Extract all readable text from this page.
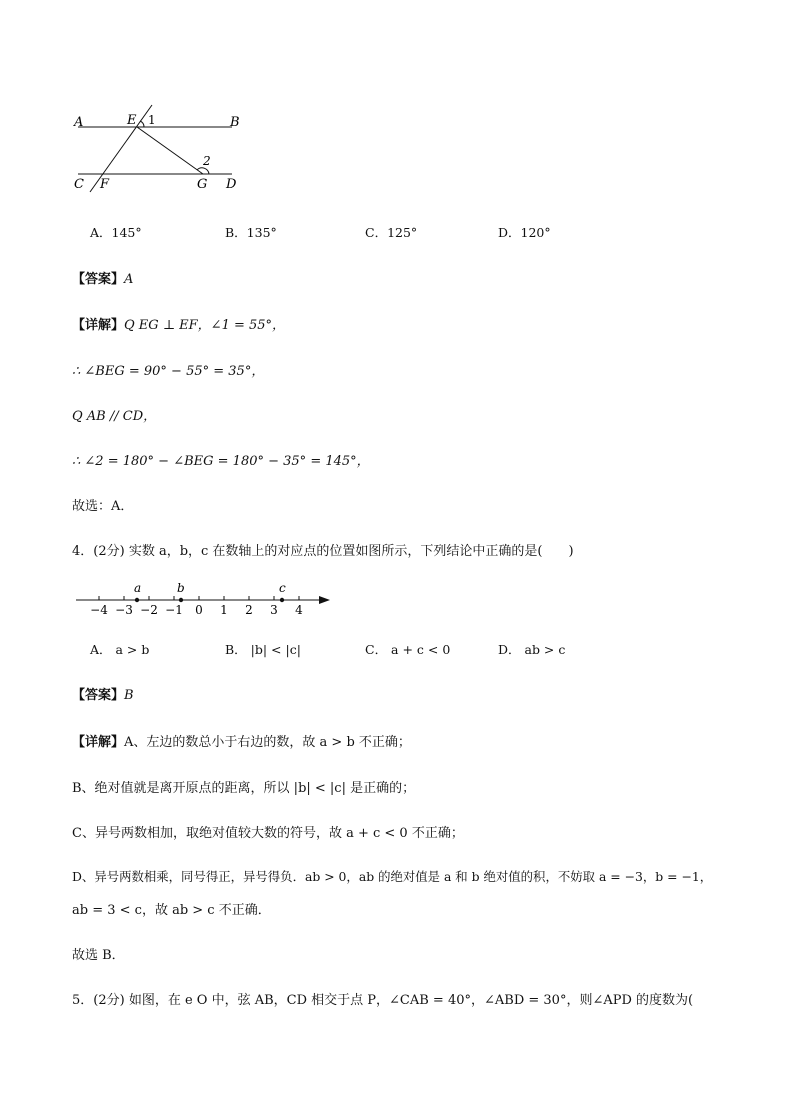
A	E 1	B
2
C F	G D
A．145°	B．135°	C．125°	D．120°
【答案】A
【详解】Q EG ⊥ EF，∠1 = 55°，
∴ ∠BEG = 90° − 55° = 35°，
Q AB // CD，
∴ ∠2 = 180° − ∠BEG = 180° − 35° = 145°，
故选：A．
4．(2分) 实数 a，b，c 在数轴上的对应点的位置如图所示，下列结论中正确的是(　　)
−4 −3 −2 −1 0 1 2 3 4
a	b	c
A． a > b	B． |b| < |c|	C． a + c < 0	D． ab > c
【答案】B
【详解】A、左边的数总小于右边的数，故 a > b 不正确；
B、绝对值就是离开原点的距离，所以 |b| < |c| 是正确的；
C、异号两数相加，取绝对值较大数的符号，故 a + c < 0 不正确；
D、异号两数相乘，同号得正，异号得负．ab > 0，ab 的绝对值是 a 和 b 绝对值的积，不妨取 a = −3，b = −1，
ab = 3 < c，故 ab > c 不正确．
故选 B．
5．(2分) 如图，在 e O 中，弦 AB，CD 相交于点 P，∠CAB = 40°，∠ABD = 30°，则∠APD 的度数为(
